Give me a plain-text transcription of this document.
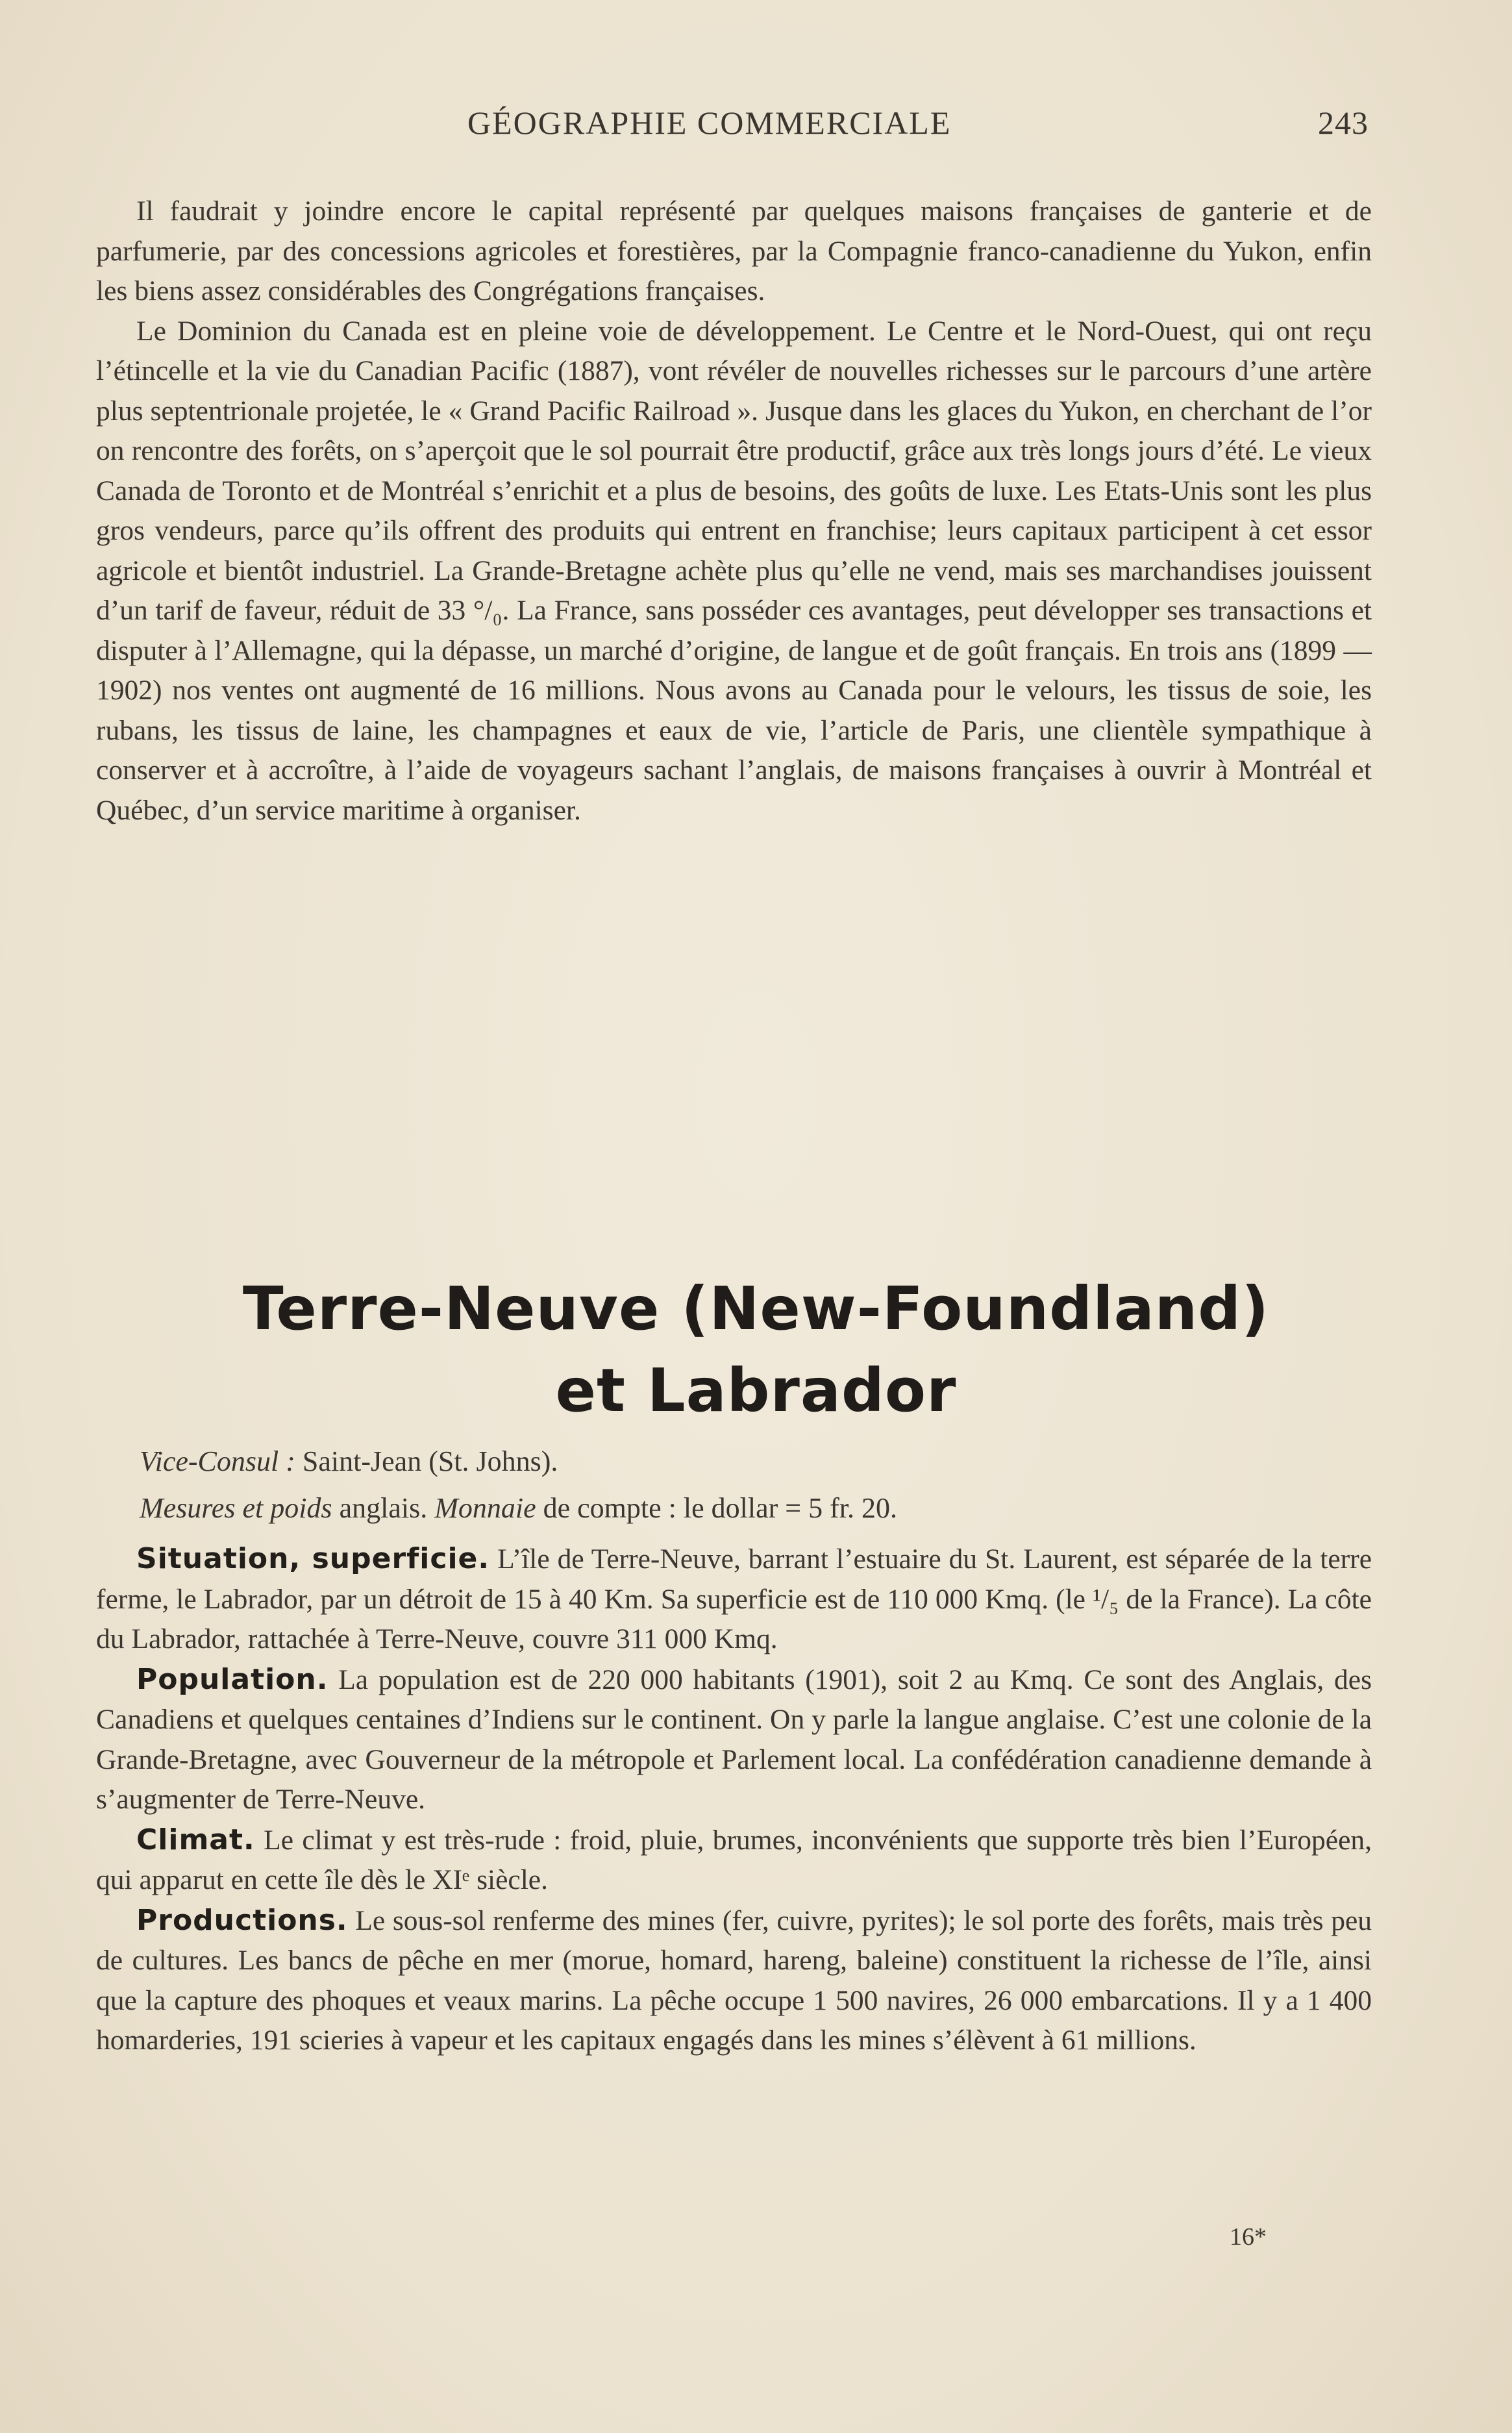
GÉOGRAPHIE COMMERCIALE	243

Il faudrait y joindre encore le capital représenté par quelques maisons françaises de ganterie et de parfumerie, par des concessions agricoles et forestières, par la Compagnie franco-canadienne du Yukon, enfin les biens assez considérables des Congrégations françaises.

Le Dominion du Canada est en pleine voie de développement. Le Centre et le Nord-Ouest, qui ont reçu l’étincelle et la vie du Canadian Pacific (1887), vont révéler de nouvelles richesses sur le parcours d’une artère plus septentrionale projetée, le « Grand Pacific Railroad ». Jusque dans les glaces du Yukon, en cherchant de l’or on rencontre des forêts, on s’aperçoit que le sol pourrait être productif, grâce aux très longs jours d’été. Le vieux Canada de Toronto et de Montréal s’enrichit et a plus de besoins, des goûts de luxe. Les Etats-Unis sont les plus gros vendeurs, parce qu’ils offrent des produits qui entrent en franchise; leurs capitaux participent à cet essor agricole et bientôt industriel. La Grande-Bretagne achète plus qu’elle ne vend, mais ses marchandises jouissent d’un tarif de faveur, réduit de 33 °/₀. La France, sans posséder ces avantages, peut développer ses transactions et disputer à l’Allemagne, qui la dépasse, un marché d’origine, de langue et de goût français. En trois ans (1899 — 1902) nos ventes ont augmenté de 16 millions. Nous avons au Canada pour le velours, les tissus de soie, les rubans, les tissus de laine, les champagnes et eaux de vie, l’article de Paris, une clientèle sympathique à conserver et à accroître, à l’aide de voyageurs sachant l’anglais, de maisons françaises à ouvrir à Montréal et Québec, d’un service maritime à organiser.

Terre-Neuve (New-Foundland)
et Labrador
Vice-Consul : Saint-Jean (St. Johns).
Mesures et poids anglais. Monnaie de compte : le dollar = 5 fr. 20.

Situation, superficie. L’île de Terre-Neuve, barrant l’estuaire du St. Laurent, est séparée de la terre ferme, le Labrador, par un détroit de 15 à 40 Km. Sa superficie est de 110 000 Kmq. (le ¹/₅ de la France). La côte du Labrador, rattachée à Terre-Neuve, couvre 311 000 Kmq.

Population. La population est de 220 000 habitants (1901), soit 2 au Kmq. Ce sont des Anglais, des Canadiens et quelques centaines d’Indiens sur le continent. On y parle la langue anglaise. C’est une colonie de la Grande-Bretagne, avec Gouverneur de la métropole et Parlement local. La confédération canadienne demande à s’augmenter de Terre-Neuve.

Climat. Le climat y est très-rude : froid, pluie, brumes, inconvénients que supporte très bien l’Européen, qui apparut en cette île dès le XIᵉ siècle.

Productions. Le sous-sol renferme des mines (fer, cuivre, pyrites); le sol porte des forêts, mais très peu de cultures. Les bancs de pêche en mer (morue, homard, hareng, baleine) constituent la richesse de l’île, ainsi que la capture des phoques et veaux marins. La pêche occupe 1 500 navires, 26 000 embarcations. Il y a 1 400 homarderies, 191 scieries à vapeur et les capitaux engagés dans les mines s’élèvent à 61 millions.

16*
